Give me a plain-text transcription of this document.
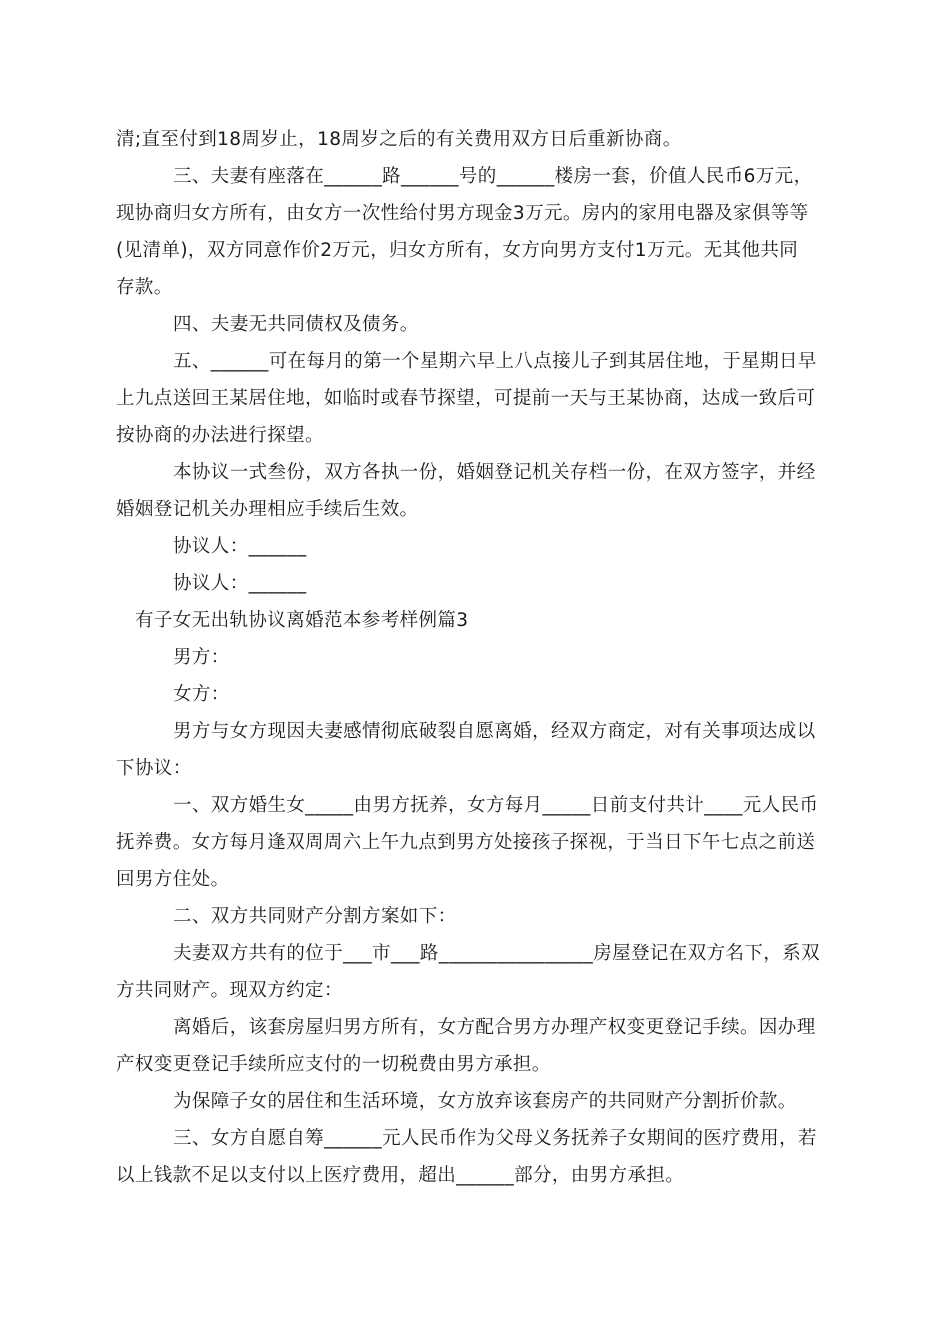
清;直至付到18周岁止，18周岁之后的有关费用双方日后重新协商。
三、夫妻有座落在______路______号的______楼房一套，价值人民币6万元，
现协商归女方所有，由女方一次性给付男方现金3万元。房内的家用电器及家俱等等
(见清单)，双方同意作价2万元，归女方所有，女方向男方支付1万元。无其他共同
存款。
四、夫妻无共同债权及债务。
五、______可在每月的第一个星期六早上八点接儿子到其居住地，于星期日早
上九点送回王某居住地，如临时或春节探望，可提前一天与王某协商，达成一致后可
按协商的办法进行探望。
本协议一式叁份，双方各执一份，婚姻登记机关存档一份，在双方签字，并经
婚姻登记机关办理相应手续后生效。
协议人：______
协议人：______
有子女无出轨协议离婚范本参考样例篇3
男方：
女方：
男方与女方现因夫妻感情彻底破裂自愿离婚，经双方商定，对有关事项达成以
下协议：
一、双方婚生女_____由男方抚养，女方每月_____日前支付共计____元人民币
抚养费。女方每月逢双周周六上午九点到男方处接孩子探视，于当日下午七点之前送
回男方住处。
二、双方共同财产分割方案如下：
夫妻双方共有的位于___市___路________________房屋登记在双方名下，系双
方共同财产。现双方约定：
离婚后，该套房屋归男方所有，女方配合男方办理产权变更登记手续。因办理
产权变更登记手续所应支付的一切税费由男方承担。
为保障子女的居住和生活环境，女方放弃该套房产的共同财产分割折价款。
三、女方自愿自筹______元人民币作为父母义务抚养子女期间的医疗费用，若
以上钱款不足以支付以上医疗费用，超出______部分，由男方承担。
